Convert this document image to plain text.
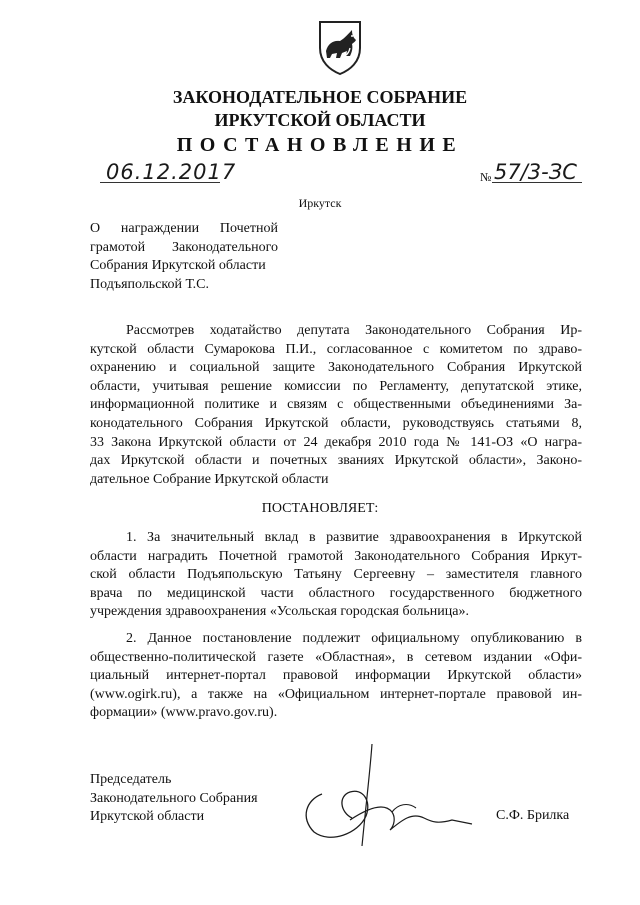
ЗАКОНОДАТЕЛЬНОЕ СОБРАНИЕ
ИРКУТСКОЙ ОБЛАСТИ
ПОСТАНОВЛЕНИЕ
06.12.2017	№ 57/3-ЗС
Иркутск
О награждении Почетной
грамотой Законодательного
Собрания Иркутской области
Подъяпольской Т.С.
Рассмотрев ходатайство депутата Законодательного Собрания Ир-
кутской области Сумарокова П.И., согласованное с комитетом по здраво-
охранению и социальной защите Законодательного Собрания Иркутской
области, учитывая решение комиссии по Регламенту, депутатской этике,
информационной политике и связям с общественными объединениями За-
конодательного Собрания Иркутской области, руководствуясь статьями 8,
33 Закона Иркутской области от 24 декабря 2010 года № 141-ОЗ «О награ-
дах Иркутской области и почетных званиях Иркутской области», Законо-
дательное Собрание Иркутской области
ПОСТАНОВЛЯЕТ:
1. За значительный вклад в развитие здравоохранения в Иркутской
области наградить Почетной грамотой Законодательного Собрания Иркут-
ской области Подъяпольскую Татьяну Сергеевну – заместителя главного
врача по медицинской части областного государственного бюджетного
учреждения здравоохранения «Усольская городская больница».
2. Данное постановление подлежит официальному опубликованию в
общественно-политической газете «Областная», в сетевом издании «Офи-
циальный интернет-портал правовой информации Иркутской области»
(www.ogirk.ru), а также на «Официальном интернет-портале правовой ин-
формации» (www.pravo.gov.ru).
Председатель
Законодательного Собрания
Иркутской области	С.Ф. Брилка
